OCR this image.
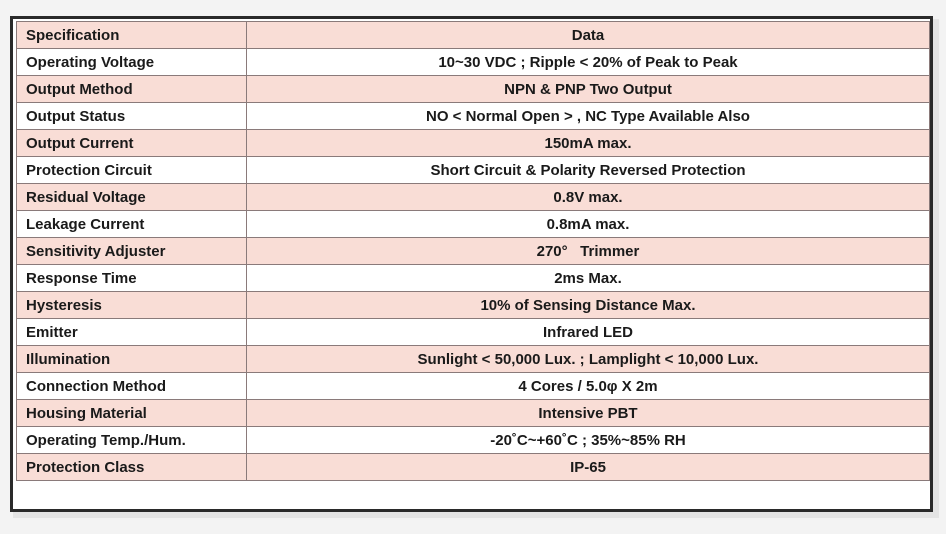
Specification	Data
Operating Voltage	10~30 VDC ; Ripple < 20% of Peak to Peak
Output Method	NPN & PNP Two Output
Output Status	NO < Normal Open > , NC Type Available Also
Output Current	150mA max.
Protection Circuit	Short Circuit & Polarity Reversed Protection
Residual Voltage	0.8V max.
Leakage Current	0.8mA max.
Sensitivity Adjuster	270°   Trimmer
Response Time	2ms Max.
Hysteresis	10% of Sensing Distance Max.
Emitter	Infrared LED
Illumination	Sunlight < 50,000 Lux. ; Lamplight < 10,000 Lux.
Connection Method	4 Cores / 5.0φ X 2m
Housing Material	Intensive PBT
Operating Temp./Hum.	-20˚C~+60˚C ; 35%~85% RH
Protection Class	IP-65
